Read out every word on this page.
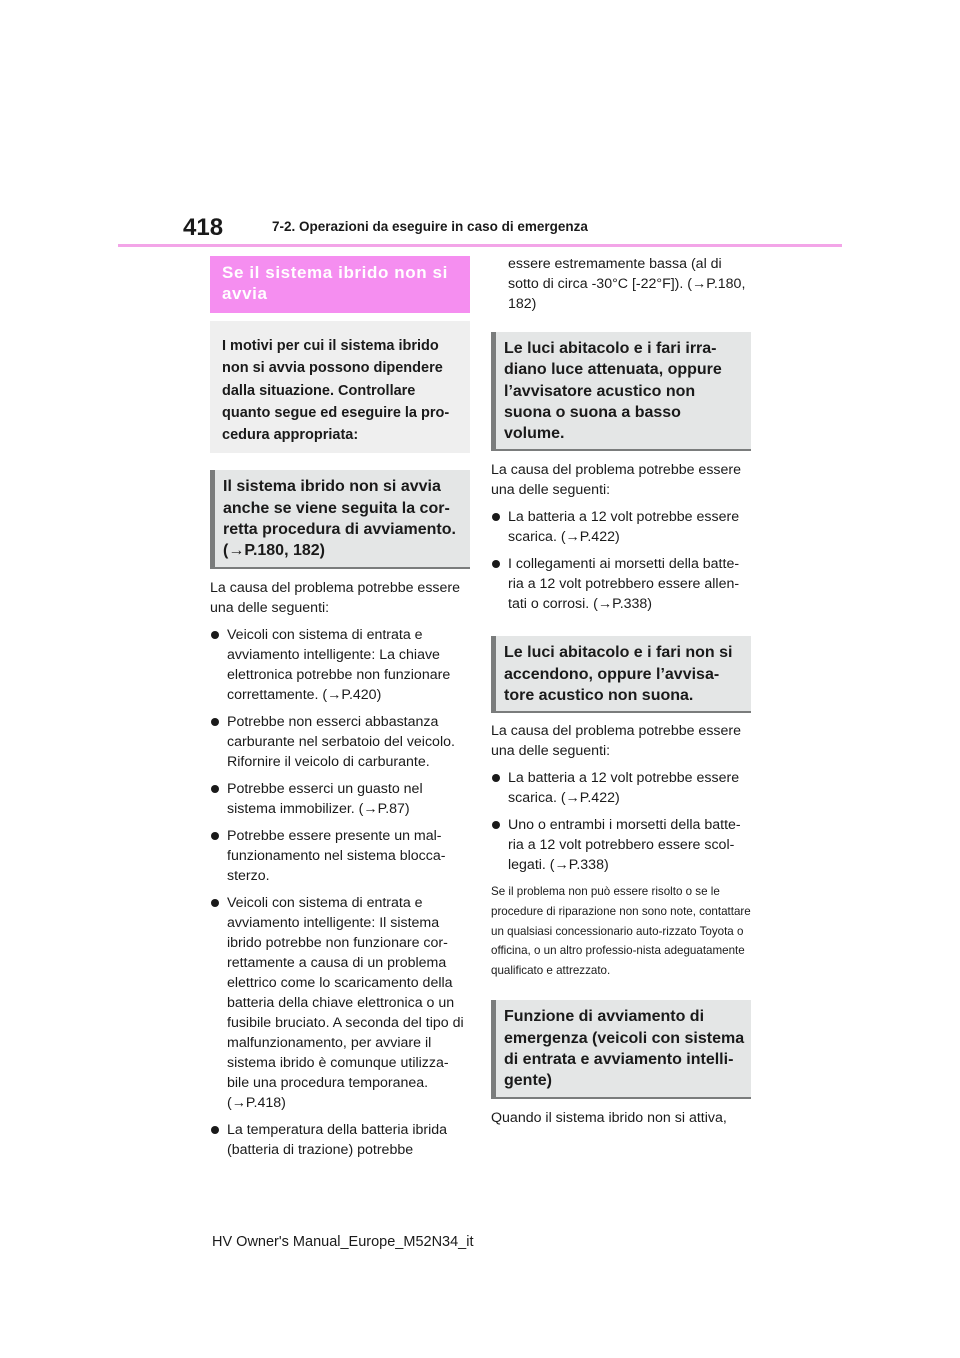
418	7-2. Operazioni da eseguire in caso di emergenza
Se il sistema ibrido non si avvia
I motivi per cui il sistema ibrido non si avvia possono dipendere dalla situazione. Controllare quanto segue ed eseguire la pro-cedura appropriata:
Il sistema ibrido non si avvia anche se viene seguita la cor-retta procedura di avviamento. (→P.180, 182)

La causa del problema potrebbe essere una delle seguenti:

Veicoli con sistema di entrata e avviamento intelligente: La chiave elettronica potrebbe non funzionare correttamente. (→P.420)
Potrebbe non esserci abbastanza carburante nel serbatoio del veicolo. Rifornire il veicolo di carburante.
Potrebbe esserci un guasto nel sistema immobilizer. (→P.87)
Potrebbe essere presente un mal-funzionamento nel sistema blocca-sterzo.
Veicoli con sistema di entrata e avviamento intelligente: Il sistema ibrido potrebbe non funzionare cor-rettamente a causa di un problema elettrico come lo scaricamento della batteria della chiave elettronica o un fusibile bruciato. A seconda del tipo di malfunzionamento, per avviare il sistema ibrido è comunque utilizza-bile una procedura temporanea. (→P.418)
La temperatura della batteria ibrida (batteria di trazione) potrebbe

essere estremamente bassa (al di sotto di circa -30°C [-22°F]). (→P.180, 182)

Le luci abitacolo e i fari irra-diano luce attenuata, oppure l’avvisatore acustico non suona o suona a basso volume.

La causa del problema potrebbe essere una delle seguenti:

La batteria a 12 volt potrebbe essere scarica. (→P.422)
I collegamenti ai morsetti della batte-ria a 12 volt potrebbero essere allen-tati o corrosi. (→P.338)
Le luci abitacolo e i fari non si accendono, oppure l’avvisa-tore acustico non suona.

La causa del problema potrebbe essere una delle seguenti:

La batteria a 12 volt potrebbe essere scarica. (→P.422)
Uno o entrambi i morsetti della batte-ria a 12 volt potrebbero essere scol-legati. (→P.338)

Se il problema non può essere risolto o se le procedure di riparazione non sono note, contattare un qualsiasi concessionario auto-rizzato Toyota o officina, o un altro professio-nista adeguatamente qualificato e attrezzato.

Funzione di avviamento di emergenza (veicoli con sistema di entrata e avviamento intelli-gente)

Quando il sistema ibrido non si attiva,

HV Owner's Manual_Europe_M52N34_it
